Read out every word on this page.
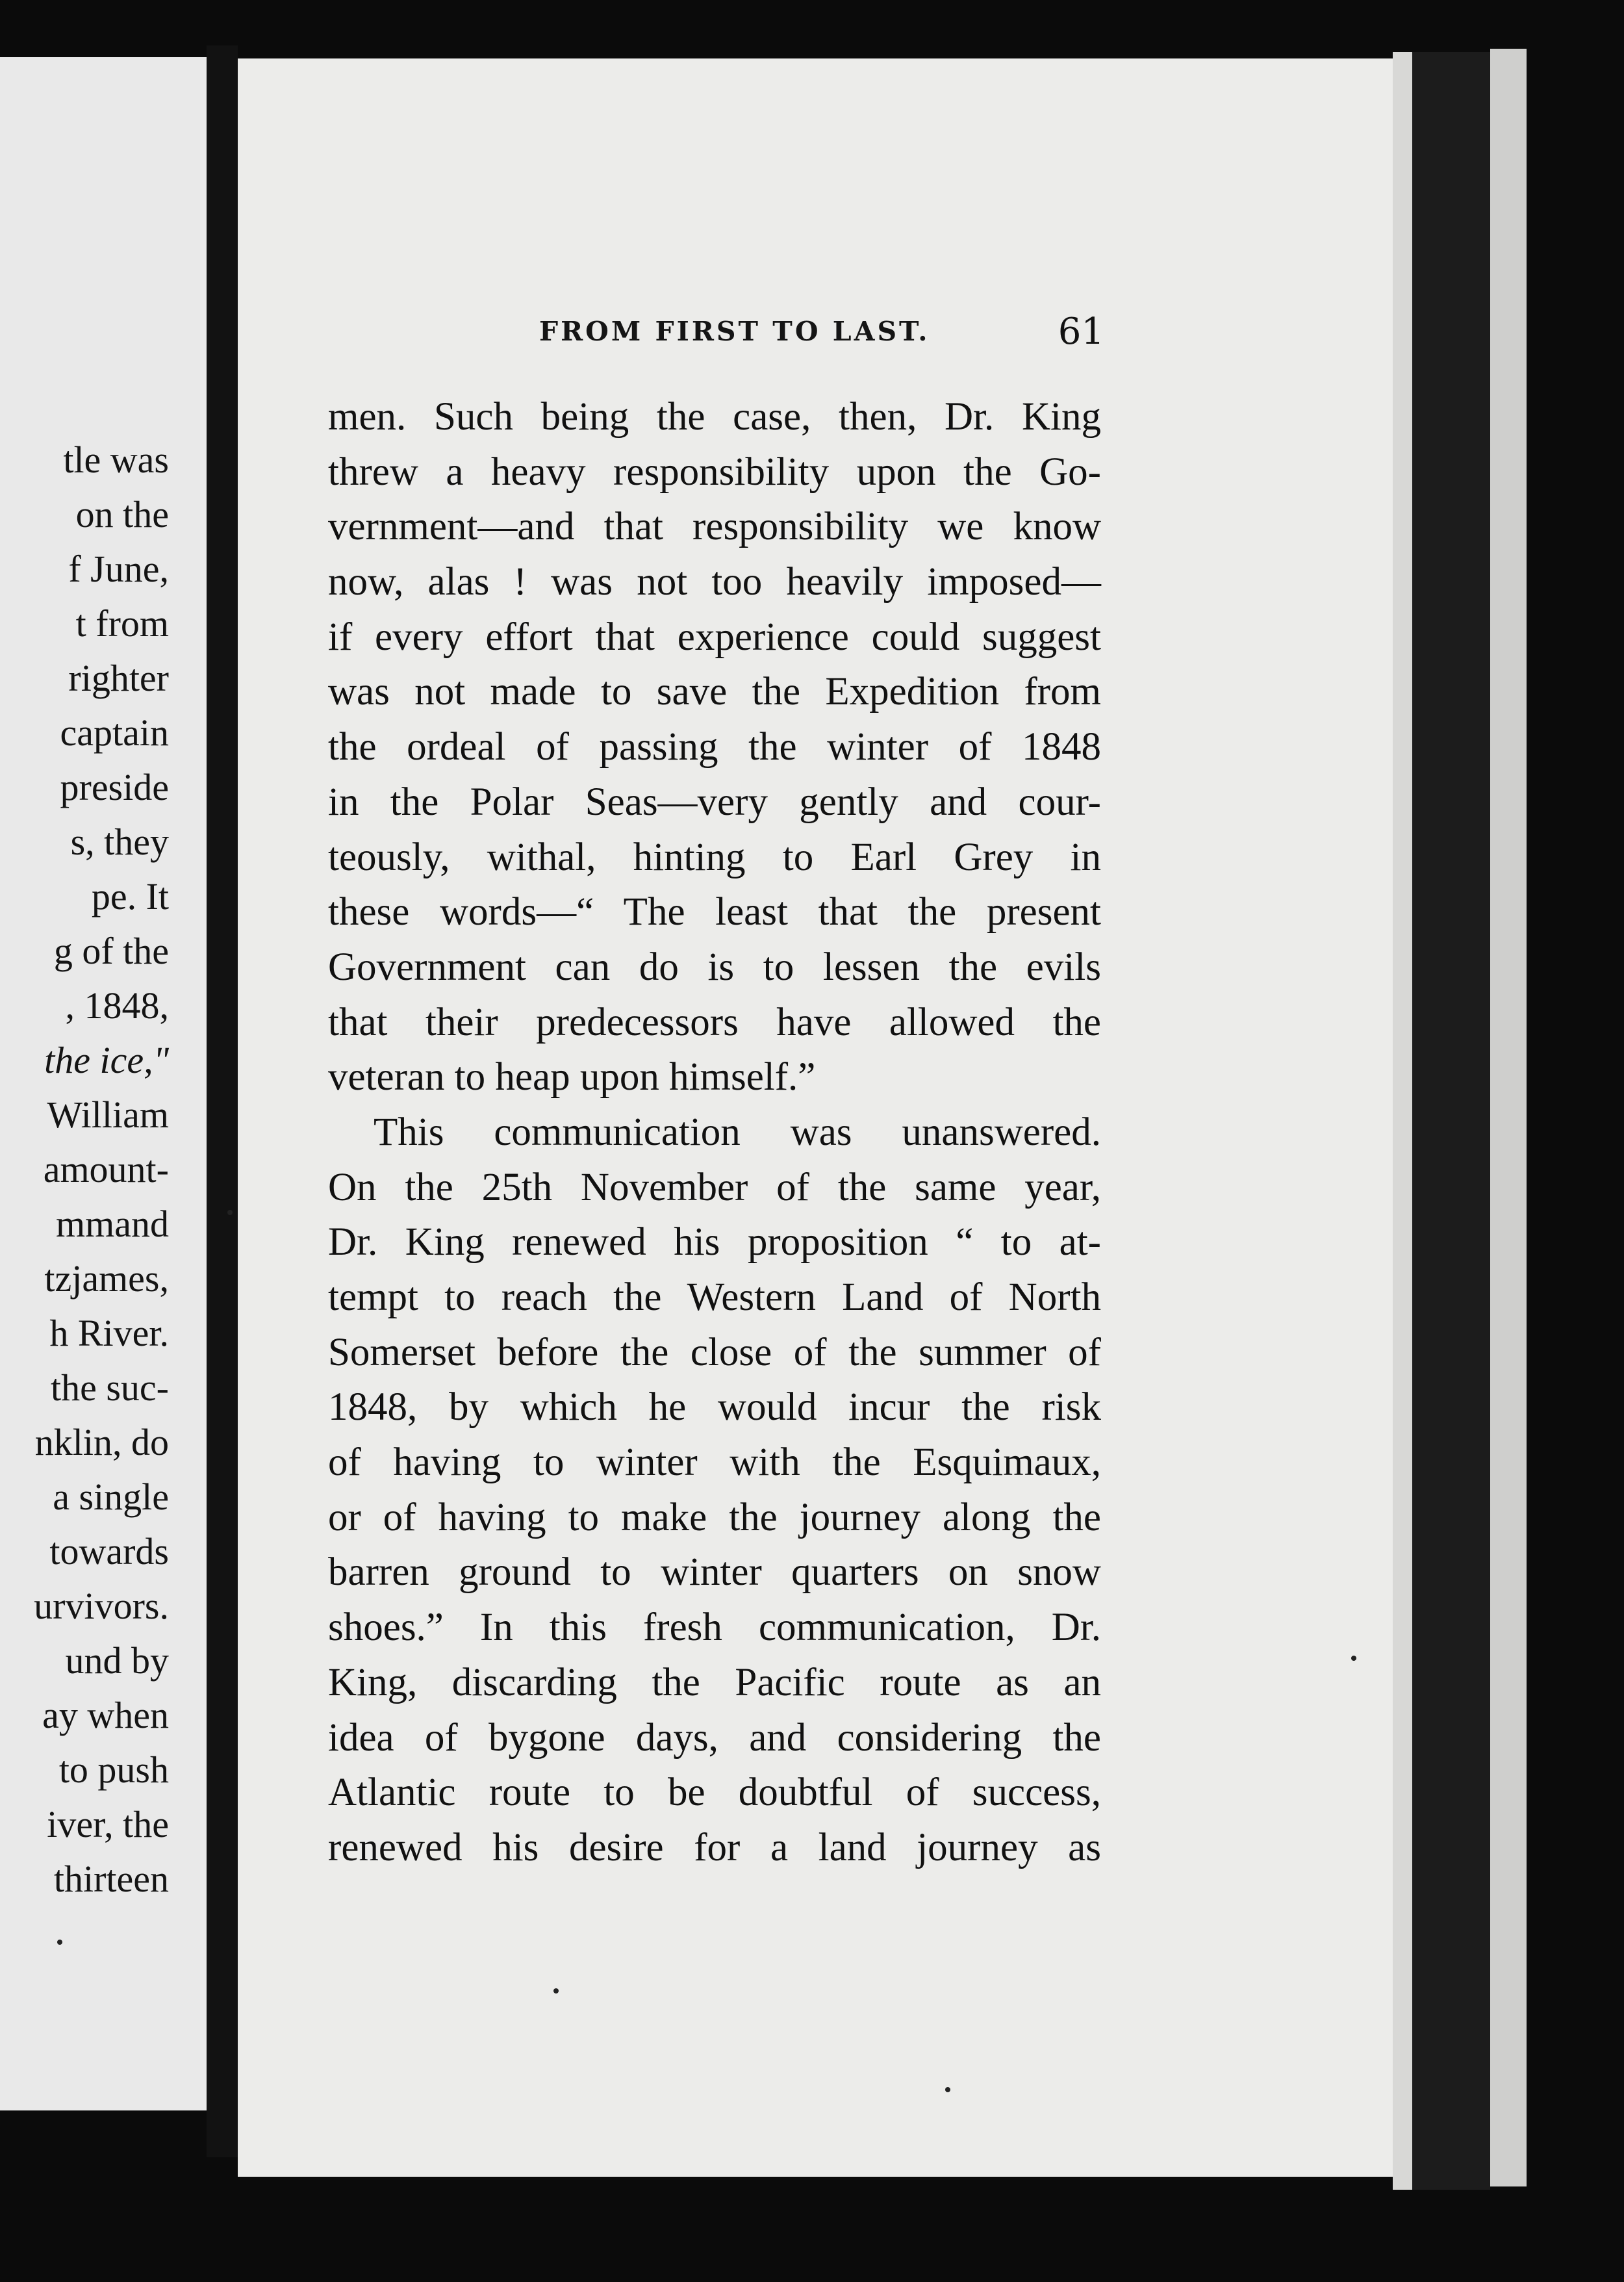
tle was
on the
f June,
t from
righter
captain
preside
s, they
pe. It
g of the
, 1848,
the ice,"
William
amount-
mmand
tzjames,
h River.
the suc-
nklin, do
a single
towards
urvivors.
und by
ay when
to push
iver, the
thirteen
FROM FIRST TO LAST.	61
men. Such being the case, then, Dr. King
threw a heavy responsibility upon the Go-
vernment—and that responsibility we know
now, alas ! was not too heavily imposed—
if every effort that experience could suggest
was not made to save the Expedition from
the ordeal of passing the winter of 1848
in the Polar Seas—very gently and cour-
teously, withal, hinting to Earl Grey in
these words—“ The least that the present
Government can do is to lessen the evils
that their predecessors have allowed the
veteran to heap upon himself.”
This communication was unanswered.
On the 25th November of the same year,
Dr. King renewed his proposition “ to at-
tempt to reach the Western Land of North
Somerset before the close of the summer of
1848, by which he would incur the risk
of having to winter with the Esquimaux,
or of having to make the journey along the
barren ground to winter quarters on snow
shoes.” In this fresh communication, Dr.
King, discarding the Pacific route as an
idea of bygone days, and considering the
Atlantic route to be doubtful of success,
renewed his desire for a land journey as
